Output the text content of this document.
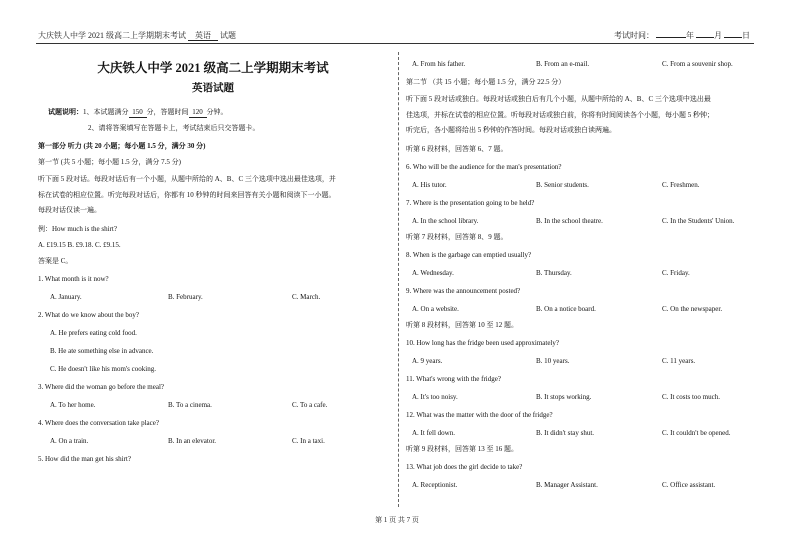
大庆铁人中学 2021 级高二上学期期末考试 英语 试题	考试时间：	年	月	日
大庆铁人中学 2021 级高二上学期期末考试
英语试题
试题说明：1、本试题满分 150 分，答题时间 120 分钟。
2、请将答案填写在答题卡上，考试结束后只交答题卡。
第一部分 听力 (共 20 小题；每小题 1.5 分，满分 30 分)
第一节 (共 5 小题；每小题 1.5 分，满分 7.5 分)
听下面 5 段对话。每段对话后有一个小题，从题中所给的 A、B、C 三个选项中选出最佳选项，并
标在试卷的相应位置。听完每段对话后，你都有 10 秒钟的时间来回答有关小题和阅读下一小题。
每段对话仅读一遍。
例：How much is the shirt?
A. £19.15 B. £9.18. C. £9.15.
答案是 C。
1. What month is it now?
A. January.	B. February.	C. March.
2. What do we know about the boy?
A. He prefers eating cold food.
B. He ate something else in advance.
C. He doesn't like his mom's cooking.
3. Where did the woman go before the meal?
A. To her home.	B. To a cinema.	C. To a cafe.
4. Where does the conversation take place?
A. On a train.	B. In an elevator.	C. In a taxi.
5. How did the man get his shirt?
A. From his father.	B. From an e-mail.	C. From a souvenir shop.
第二节 （共 15 小题；每小题 1.5 分，满分 22.5 分）
听下面 5 段对话或独白。每段对话或独白后有几个小题，从题中所给的 A、B、C 三个选项中选出最
佳选项，并标在试卷的相应位置。听每段对话或独白前，你将有时间阅读各个小题，每小题 5 秒钟；
听完后，各小题将给出 5 秒钟的作答时间。每段对话或独白读两遍。
听第 6 段材料，回答第 6、7 题。
6. Who will be the audience for the man's presentation?
A. His tutor.	B. Senior students.	C. Freshmen.
7. Where is the presentation going to be held?
A. In the school library.	B. In the school theatre.	C. In the Students' Union.
听第 7 段材料，回答第 8、9 题。
8. When is the garbage can emptied usually?
A. Wednesday.	B. Thursday.	C. Friday.
9. Where was the announcement posted?
A. On a website.	B. On a notice board.	C. On the newspaper.
听第 8 段材料，回答第 10 至 12 题。
10. How long has the fridge been used approximately?
A. 9 years.	B. 10 years.	C. 11 years.
11. What's wrong with the fridge?
A. It's too noisy.	B. It stops working.	C. It costs too much.
12. What was the matter with the door of the fridge?
A. It fell down.	B. It didn't stay shut.	C. It couldn't be opened.
听第 9 段材料，回答第 13 至 16 题。
13. What job does the girl decide to take?
A. Receptionist.	B. Manager Assistant.	C. Office assistant.
第 1 页 共 7 页
